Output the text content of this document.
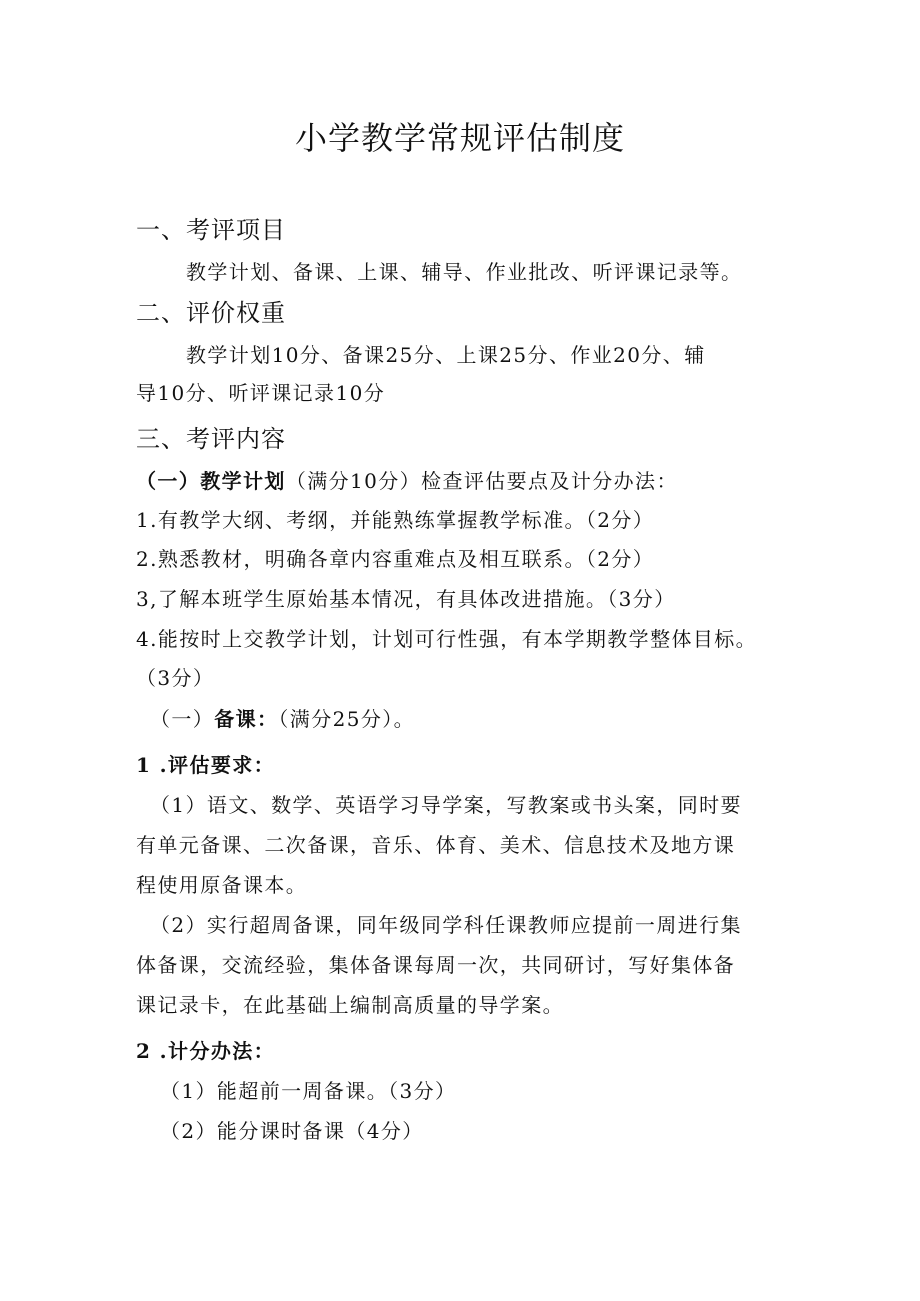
小学教学常规评估制度
一、考评项目
教学计划、备课、上课、辅导、作业批改、听评课记录等。
二、评价权重
教学计划10分、备课25分、上课25分、作业20分、辅
导10分、听评课记录10分
三、考评内容
（一）教学计划（满分10分）检查评估要点及计分办法：
1.有教学大纲、考纲，并能熟练掌握教学标准。（2分）
2.熟悉教材，明确各章内容重难点及相互联系。（2分）
3,了解本班学生原始基本情况，有具体改进措施。（3分）
4.能按时上交教学计划，计划可行性强，有本学期教学整体目标。
（3分）
（一）备课：（满分25分）。
1 .评估要求：
（1）语文、数学、英语学习导学案，写教案或书头案，同时要
有单元备课、二次备课，音乐、体育、美术、信息技术及地方课
程使用原备课本。
（2）实行超周备课，同年级同学科任课教师应提前一周进行集
体备课，交流经验，集体备课每周一次，共同研讨，写好集体备
课记录卡，在此基础上编制高质量的导学案。
2 .计分办法：
（1）能超前一周备课。（3分）
（2）能分课时备课（4分）
